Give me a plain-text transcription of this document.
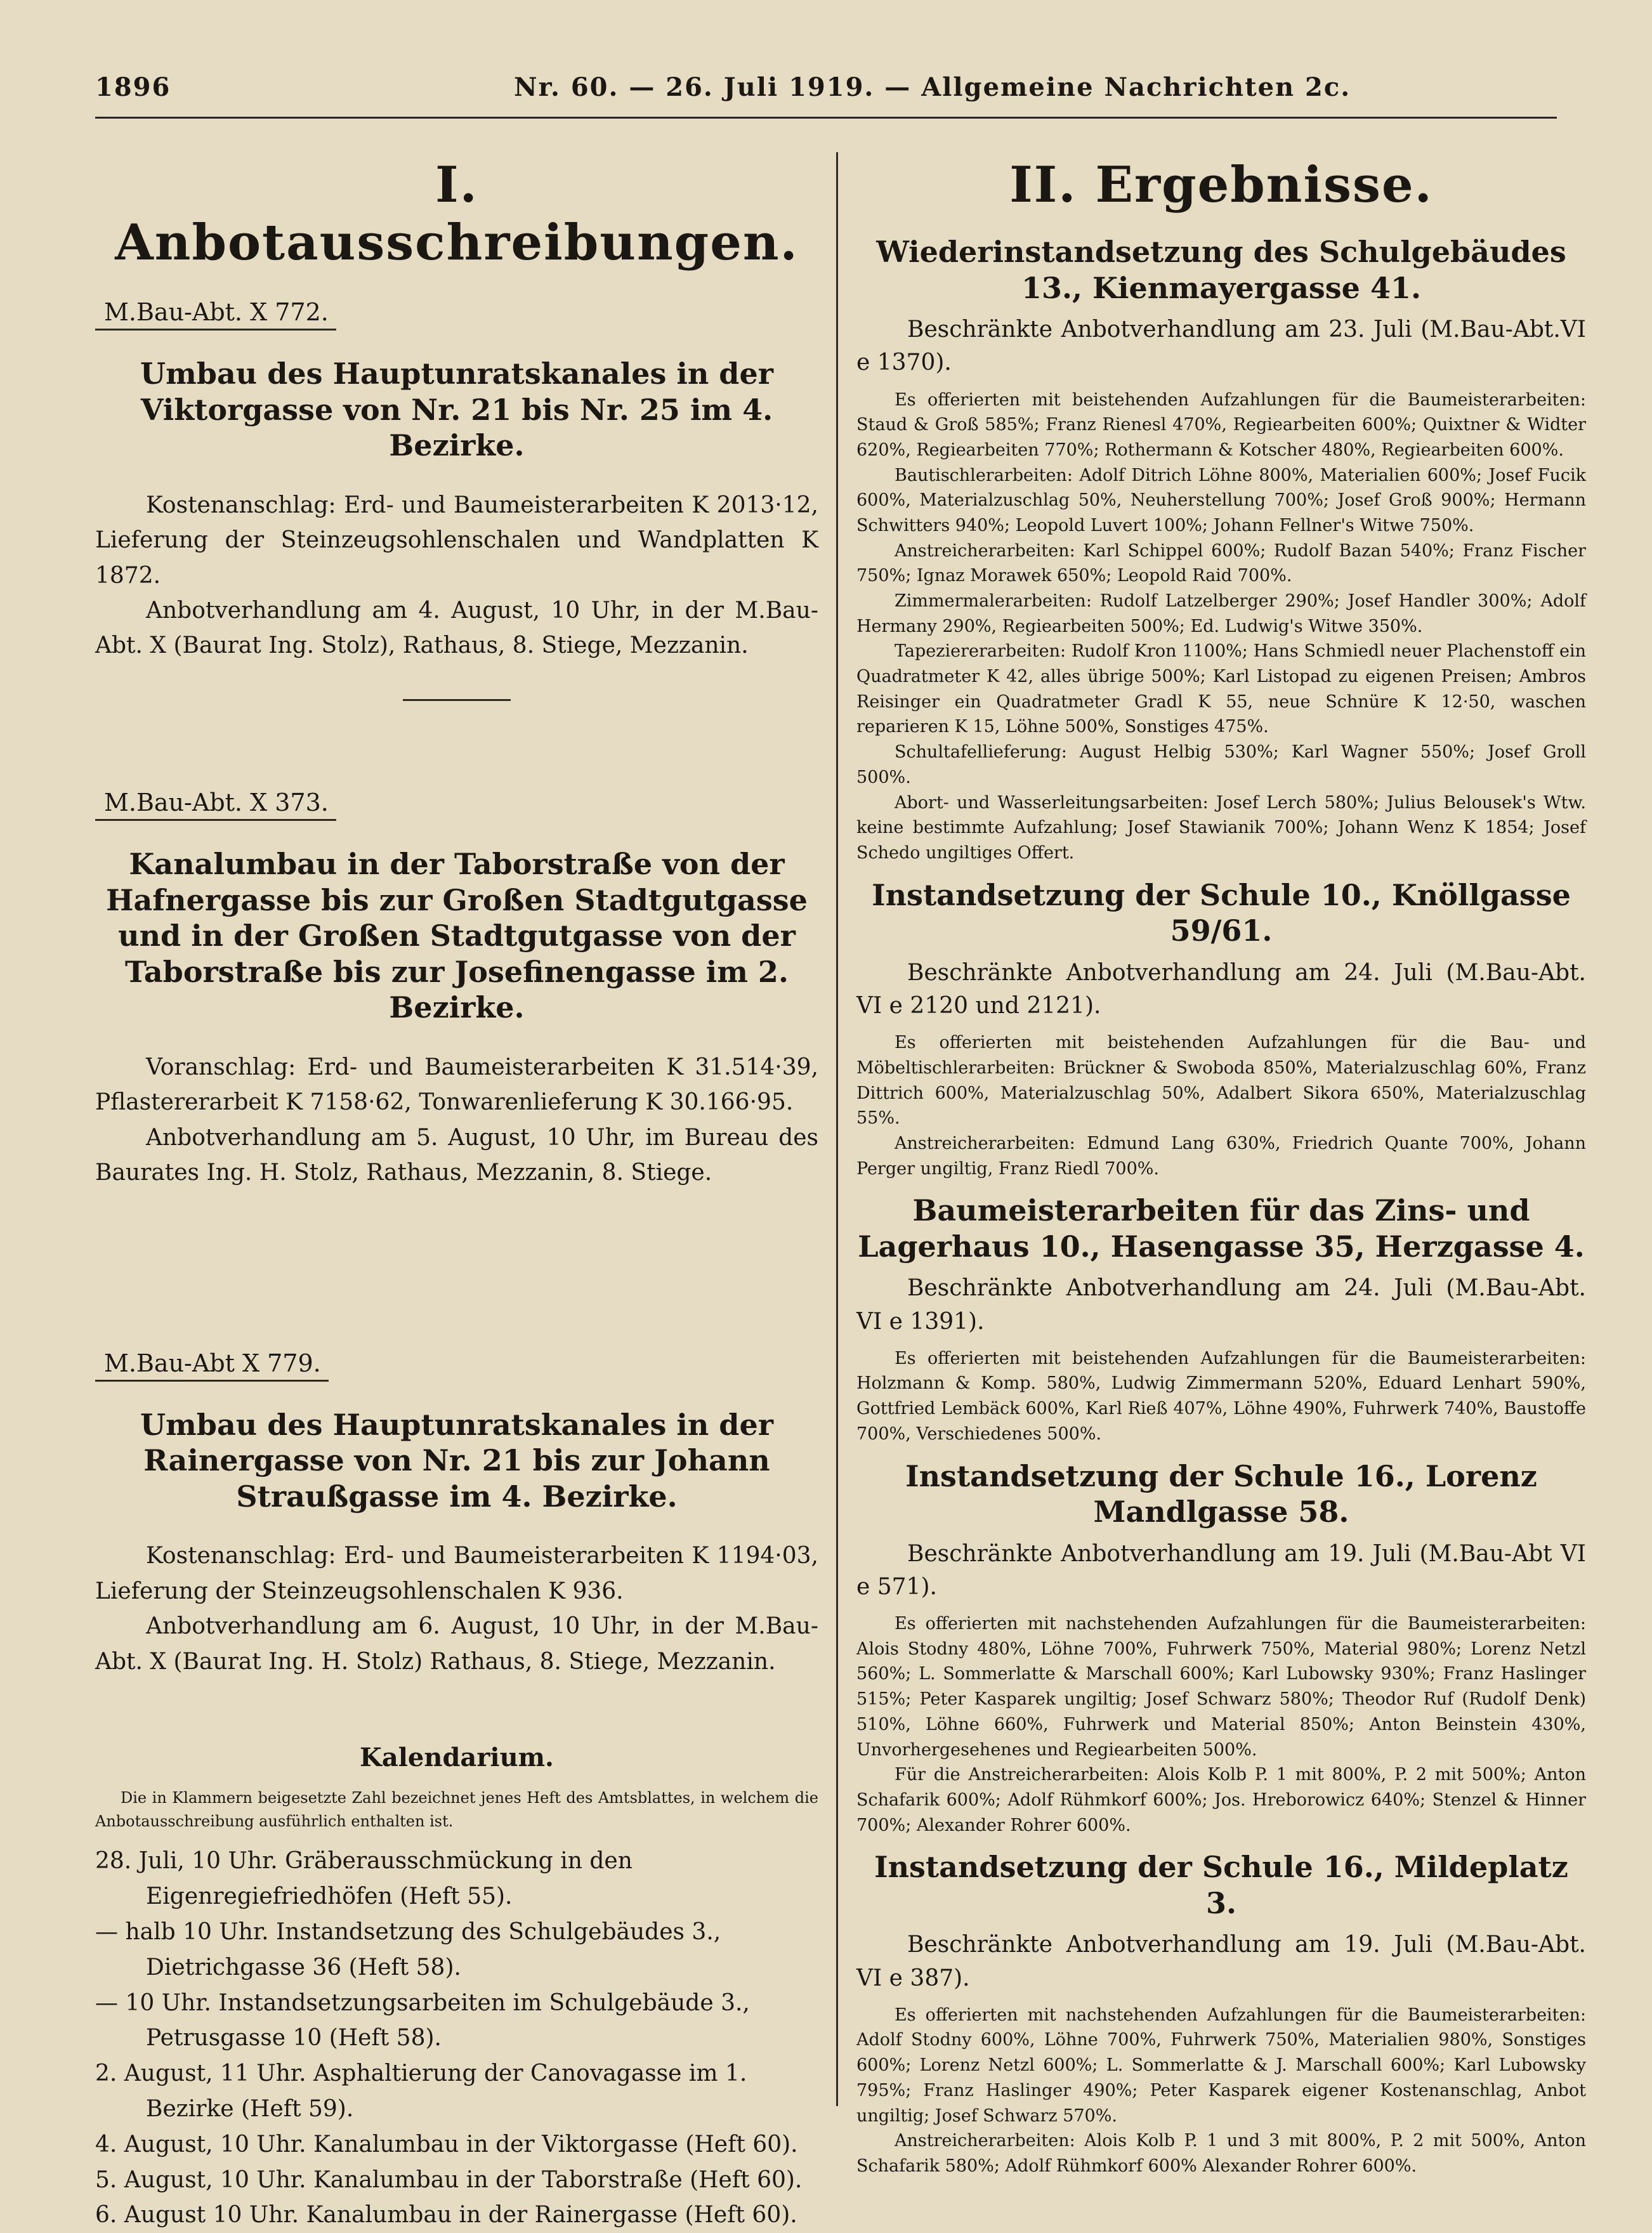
1896	Nr. 60. — 26. Juli 1919. — Allgemeine Nachrichten 2c.
I. Anbotausschreibungen.
M.Bau-Abt. X 772.
Umbau des Hauptunratskanales in der Viktorgasse von Nr. 21 bis Nr. 25 im 4. Bezirke.

Kostenanschlag: Erd- und Baumeisterarbeiten K 2013·12, Lieferung der Steinzeugsohlenschalen und Wandplatten K 1872.

Anbotverhandlung am 4. August, 10 Uhr, in der M.Bau-Abt. X (Baurat Ing. Stolz), Rathaus, 8. Stiege, Mezzanin.

M.Bau-Abt. X 373.
Kanalumbau in der Taborstraße von der Hafnergasse bis zur Großen Stadtgutgasse und in der Großen Stadtgutgasse von der Taborstraße bis zur Josefinengasse im 2. Bezirke.

Voranschlag: Erd- und Baumeisterarbeiten K 31.514·39, Pflastererarbeit K 7158·62, Tonwarenlieferung K 30.166·95.

Anbotverhandlung am 5. August, 10 Uhr, im Bureau des Baurates Ing. H. Stolz, Rathaus, Mezzanin, 8. Stiege.

M.Bau-Abt X 779.
Umbau des Hauptunratskanales in der Rainergasse von Nr. 21 bis zur Johann Straußgasse im 4. Bezirke.

Kostenanschlag: Erd- und Baumeisterarbeiten K 1194·03, Lieferung der Steinzeugsohlenschalen K 936.

Anbotverhandlung am 6. August, 10 Uhr, in der M.Bau-Abt. X (Baurat Ing. H. Stolz) Rathaus, 8. Stiege, Mezzanin.

Kalendarium.

Die in Klammern beigesetzte Zahl bezeichnet jenes Heft des Amtsblattes, in welchem die Anbotausschreibung ausführlich enthalten ist.

28. Juli, 10 Uhr. Gräberausschmückung in den Eigenregiefriedhöfen (Heft 55).

— halb 10 Uhr. Instandsetzung des Schulgebäudes 3., Dietrichgasse 36 (Heft 58).

— 10 Uhr. Instandsetzungsarbeiten im Schulgebäude 3., Petrusgasse 10 (Heft 58).

2. August, 11 Uhr. Asphaltierung der Canovagasse im 1. Bezirke (Heft 59).

4. August, 10 Uhr. Kanalumbau in der Viktorgasse (Heft 60).

5. August, 10 Uhr. Kanalumbau in der Taborstraße (Heft 60).

6. August 10 Uhr. Kanalumbau in der Rainergasse (Heft 60).

II. Ergebnisse.
Wiederinstandsetzung des Schulgebäudes 13., Kienmayergasse 41.

Beschränkte Anbotverhandlung am 23. Juli (M.Bau-Abt.VI e 1370).

Es offerierten mit beistehenden Aufzahlungen für die Baumeisterarbeiten: Staud & Groß 585%; Franz Rienesl 470%, Regiearbeiten 600%; Quixtner & Widter 620%, Regiearbeiten 770%; Rothermann & Kotscher 480%, Regiearbeiten 600%.

Bautischlerarbeiten: Adolf Ditrich Löhne 800%, Materialien 600%; Josef Fucik 600%, Materialzuschlag 50%, Neuherstellung 700%; Josef Groß 900%; Hermann Schwitters 940%; Leopold Luvert 100%; Johann Fellner's Witwe 750%.

Anstreicherarbeiten: Karl Schippel 600%; Rudolf Bazan 540%; Franz Fischer 750%; Ignaz Morawek 650%; Leopold Raid 700%.

Zimmermalerarbeiten: Rudolf Latzelberger 290%; Josef Handler 300%; Adolf Hermany 290%, Regiearbeiten 500%; Ed. Ludwig's Witwe 350%.

Tapeziererarbeiten: Rudolf Kron 1100%; Hans Schmiedl neuer Plachenstoff ein Quadratmeter K 42, alles übrige 500%; Karl Listopad zu eigenen Preisen; Ambros Reisinger ein Quadratmeter Gradl K 55, neue Schnüre K 12·50, waschen reparieren K 15, Löhne 500%, Sonstiges 475%.

Schultafellieferung: August Helbig 530%; Karl Wagner 550%; Josef Groll 500%.

Abort- und Wasserleitungsarbeiten: Josef Lerch 580%; Julius Belousek's Wtw. keine bestimmte Aufzahlung; Josef Stawianik 700%; Johann Wenz K 1854; Josef Schedo ungiltiges Offert.

Instandsetzung der Schule 10., Knöllgasse 59/61.

Beschränkte Anbotverhandlung am 24. Juli (M.Bau-Abt. VI e 2120 und 2121).

Es offerierten mit beistehenden Aufzahlungen für die Bau- und Möbeltischlerarbeiten: Brückner & Swoboda 850%, Materialzuschlag 60%, Franz Dittrich 600%, Materialzuschlag 50%, Adalbert Sikora 650%, Materialzuschlag 55%.

Anstreicherarbeiten: Edmund Lang 630%, Friedrich Quante 700%, Johann Perger ungiltig, Franz Riedl 700%.

Baumeisterarbeiten für das Zins- und Lagerhaus 10., Hasengasse 35, Herzgasse 4.

Beschränkte Anbotverhandlung am 24. Juli (M.Bau-Abt. VI e 1391).

Es offerierten mit beistehenden Aufzahlungen für die Baumeisterarbeiten: Holzmann & Komp. 580%, Ludwig Zimmermann 520%, Eduard Lenhart 590%, Gottfried Lembäck 600%, Karl Rieß 407%, Löhne 490%, Fuhrwerk 740%, Baustoffe 700%, Verschiedenes 500%.

Instandsetzung der Schule 16., Lorenz Mandlgasse 58.

Beschränkte Anbotverhandlung am 19. Juli (M.Bau-Abt VI e 571).

Es offerierten mit nachstehenden Aufzahlungen für die Baumeisterarbeiten: Alois Stodny 480%, Löhne 700%, Fuhrwerk 750%, Material 980%; Lorenz Netzl 560%; L. Sommerlatte & Marschall 600%; Karl Lubowsky 930%; Franz Haslinger 515%; Peter Kasparek ungiltig; Josef Schwarz 580%; Theodor Ruf (Rudolf Denk) 510%, Löhne 660%, Fuhrwerk und Material 850%; Anton Beinstein 430%, Unvorhergesehenes und Regiearbeiten 500%.

Für die Anstreicherarbeiten: Alois Kolb P. 1 mit 800%, P. 2 mit 500%; Anton Schafarik 600%; Adolf Rühmkorf 600%; Jos. Hreborowicz 640%; Stenzel & Hinner 700%; Alexander Rohrer 600%.

Instandsetzung der Schule 16., Mildeplatz 3.

Beschränkte Anbotverhandlung am 19. Juli (M.Bau-Abt. VI e 387).

Es offerierten mit nachstehenden Aufzahlungen für die Baumeisterarbeiten: Adolf Stodny 600%, Löhne 700%, Fuhrwerk 750%, Materialien 980%, Sonstiges 600%; Lorenz Netzl 600%; L. Sommerlatte & J. Marschall 600%; Karl Lubowsky 795%; Franz Haslinger 490%; Peter Kasparek eigener Kostenanschlag, Anbot ungiltig; Josef Schwarz 570%.

Anstreicherarbeiten: Alois Kolb P. 1 und 3 mit 800%, P. 2 mit 500%, Anton Schafarik 580%; Adolf Rühmkorf 600% Alexander Rohrer 600%.
